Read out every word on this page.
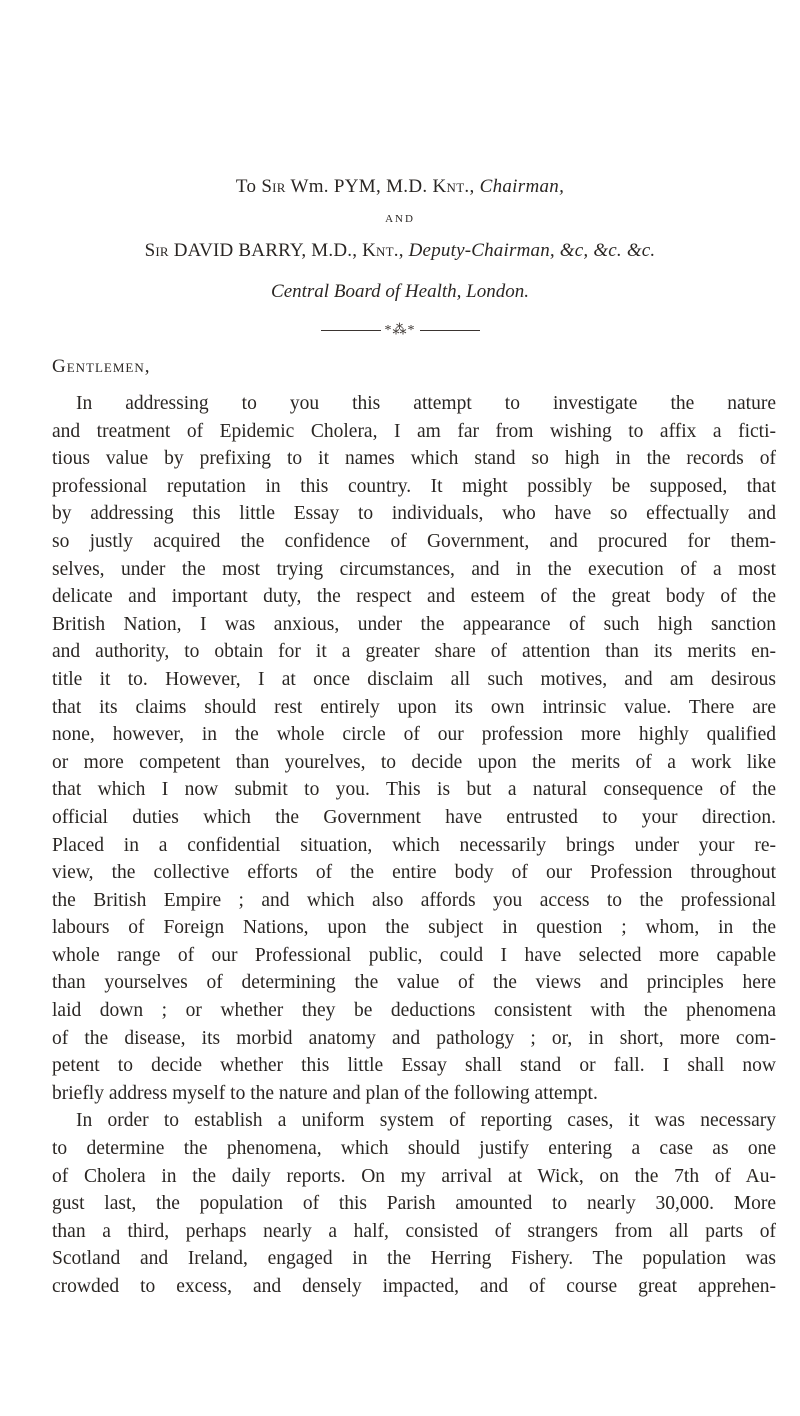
To Sir Wm. PYM, M.D. Knt., Chairman,
AND
Sir DAVID BARRY, M.D., Knt., Deputy-Chairman, &c, &c. &c.
Central Board of Health, London.
*⁂*
Gentlemen,
In addressing to you this attempt to investigate the nature
and treatment of Epidemic Cholera, I am far from wishing to affix a ficti-
tious value by prefixing to it names which stand so high in the records of
professional reputation in this country. It might possibly be supposed, that
by addressing this little Essay to individuals, who have so effectually and
so justly acquired the confidence of Government, and procured for them-
selves, under the most trying circumstances, and in the execution of a most
delicate and important duty, the respect and esteem of the great body of the
British Nation, I was anxious, under the appearance of such high sanction
and authority, to obtain for it a greater share of attention than its merits en-
title it to. However, I at once disclaim all such motives, and am desirous
that its claims should rest entirely upon its own intrinsic value. There are
none, however, in the whole circle of our profession more highly qualified
or more competent than yourelves, to decide upon the merits of a work like
that which I now submit to you. This is but a natural consequence of the
official duties which the Government have entrusted to your direction.
Placed in a confidential situation, which necessarily brings under your re-
view, the collective efforts of the entire body of our Profession throughout
the British Empire ; and which also affords you access to the professional
labours of Foreign Nations, upon the subject in question ; whom, in the
whole range of our Professional public, could I have selected more capable
than yourselves of determining the value of the views and principles here
laid down ; or whether they be deductions consistent with the phenomena
of the disease, its morbid anatomy and pathology ; or, in short, more com-
petent to decide whether this little Essay shall stand or fall. I shall now
briefly address myself to the nature and plan of the following attempt.
In order to establish a uniform system of reporting cases, it was necessary
to determine the phenomena, which should justify entering a case as one
of Cholera in the daily reports. On my arrival at Wick, on the 7th of Au-
gust last, the population of this Parish amounted to nearly 30,000. More
than a third, perhaps nearly a half, consisted of strangers from all parts of
Scotland and Ireland, engaged in the Herring Fishery. The population was
crowded to excess, and densely impacted, and of course great apprehen-
